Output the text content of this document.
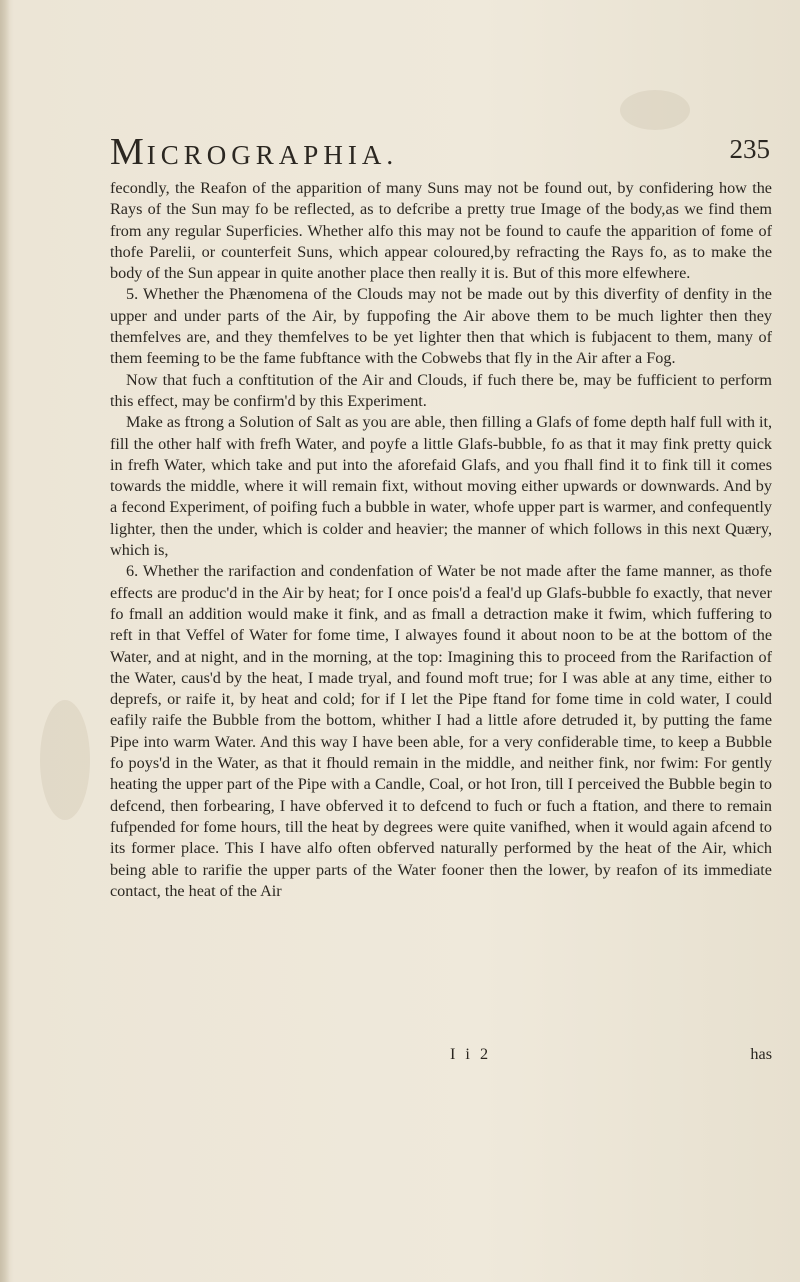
MICROGRAPHIA.	235

fecondly, the Reafon of the apparition of many Suns may not be found out, by confidering how the Rays of the Sun may fo be reflected, as to defcribe a pretty true Image of the body,as we find them from any regular Superficies. Whether alfo this may not be found to caufe the apparition of fome of thofe Parelii, or counterfeit Suns, which appear coloured,by refracting the Rays fo, as to make the body of the Sun appear in quite another place then really it is. But of this more elfewhere.

5. Whether the Phænomena of the Clouds may not be made out by this diverfity of denfity in the upper and under parts of the Air, by fuppofing the Air above them to be much lighter then they themfelves are, and they themfelves to be yet lighter then that which is fubjacent to them, many of them feeming to be the fame fubftance with the Cobwebs that fly in the Air after a Fog.

Now that fuch a conftitution of the Air and Clouds, if fuch there be, may be fufficient to perform this effect, may be confirm'd by this Experiment.

Make as ftrong a Solution of Salt as you are able, then filling a Glafs of fome depth half full with it, fill the other half with frefh Water, and poyfe a little Glafs-bubble, fo as that it may fink pretty quick in frefh Water, which take and put into the aforefaid Glafs, and you fhall find it to fink till it comes towards the middle, where it will remain fixt, without moving either upwards or downwards. And by a fecond Experiment, of poifing fuch a bubble in water, whofe upper part is warmer, and confequently lighter, then the under, which is colder and heavier; the manner of which follows in this next Quæry, which is,

6. Whether the rarifaction and condenfation of Water be not made after the fame manner, as thofe effects are produc'd in the Air by heat; for I once pois'd a feal'd up Glafs-bubble fo exactly, that never fo fmall an addition would make it fink, and as fmall a detraction make it fwim, which fuffering to reft in that Veffel of Water for fome time, I alwayes found it about noon to be at the bottom of the Water, and at night, and in the morning, at the top: Imagining this to proceed from the Rarifaction of the Water, caus'd by the heat, I made tryal, and found moft true; for I was able at any time, either to deprefs, or raife it, by heat and cold; for if I let the Pipe ftand for fome time in cold water, I could eafily raife the Bubble from the bottom, whither I had a little afore detruded it, by putting the fame Pipe into warm Water. And this way I have been able, for a very confiderable time, to keep a Bubble fo poys'd in the Water, as that it fhould remain in the middle, and neither fink, nor fwim: For gently heating the upper part of the Pipe with a Candle, Coal, or hot Iron, till I perceived the Bubble begin to defcend, then forbearing, I have obferved it to defcend to fuch or fuch a ftation, and there to remain fufpended for fome hours, till the heat by degrees were quite vanifhed, when it would again afcend to its former place. This I have alfo often obferved naturally performed by the heat of the Air, which being able to rarifie the upper parts of the Water fooner then the lower, by reafon of its immediate contact, the heat of the Air

I i 2	has
